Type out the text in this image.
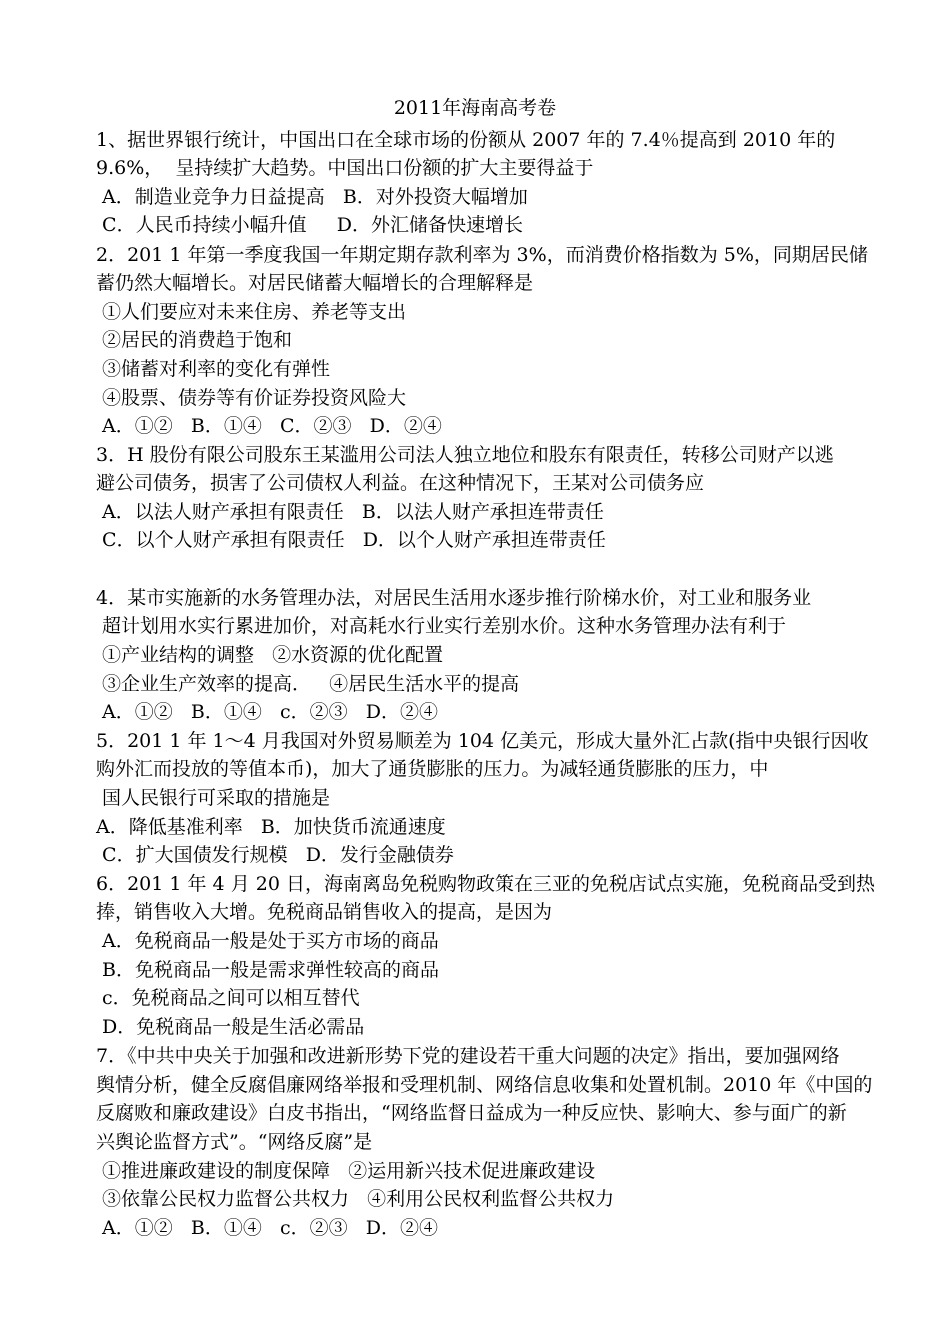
2011年海南高考卷
1、据世界银行统计，中国出口在全球市场的份额从 2007 年的 7.4％提高到 2010 年的
9.6%，  呈持续扩大趋势。中国出口份额的扩大主要得益于
A．制造业竞争力日益提高   B．对外投资大幅增加
C．人民币持续小幅升值     D．外汇储备快速增长
2．201 1 年第一季度我国一年期定期存款利率为 3%，而消费价格指数为 5%，同期居民储
蓄仍然大幅增长。对居民储蓄大幅增长的合理解释是
①人们要应对未来住房、养老等支出
②居民的消费趋于饱和
③储蓄对利率的变化有弹性
④股票、债券等有价证券投资风险大
A．①②   B．①④   C．②③   D．②④
3．H 股份有限公司股东王某滥用公司法人独立地位和股东有限责任，转移公司财产以逃
避公司债务，损害了公司债权人利益。在这种情况下，王某对公司债务应
A．以法人财产承担有限责任   B．以法人财产承担连带责任
C．以个人财产承担有限责任   D．以个人财产承担连带责任
4．某市实施新的水务管理办法，对居民生活用水逐步推行阶梯水价，对工业和服务业
超计划用水实行累进加价，对高耗水行业实行差别水价。这种水务管理办法有利于
①产业结构的调整   ②水资源的优化配置
③企业生产效率的提高．   ④居民生活水平的提高
A．①②   B．①④   c．②③   D．②④
5．201 1 年 1～4 月我国对外贸易顺差为 104 亿美元，形成大量外汇占款(指中央银行因收
购外汇而投放的等值本币)，加大了通货膨胀的压力。为减轻通货膨胀的压力，中
国人民银行可采取的措施是
A．降低基准利率   B．加快货币流通速度
C．扩大国债发行规模   D．发行金融债券
6．201 1 年 4 月 20 日，海南离岛免税购物政策在三亚的免税店试点实施，免税商品受到热
捧，销售收入大增。免税商品销售收入的提高，是因为
A．免税商品一般是处于买方市场的商品
B．免税商品一般是需求弹性较高的商品
c．免税商品之间可以相互替代
D．免税商品一般是生活必需品
7．《中共中央关于加强和改进新形势下党的建设若干重大问题的决定》指出，要加强网络
舆情分析，健全反腐倡廉网络举报和受理机制、网络信息收集和处置机制。2010 年《中国的
反腐败和廉政建设》白皮书指出，“网络监督日益成为一种反应快、影响大、参与面广的新
兴舆论监督方式”。“网络反腐”是
①推进廉政建设的制度保障   ②运用新兴技术促进廉政建设
③依靠公民权力监督公共权力   ④利用公民权利监督公共权力
A．①②   B．①④   c．②③   D．②④
